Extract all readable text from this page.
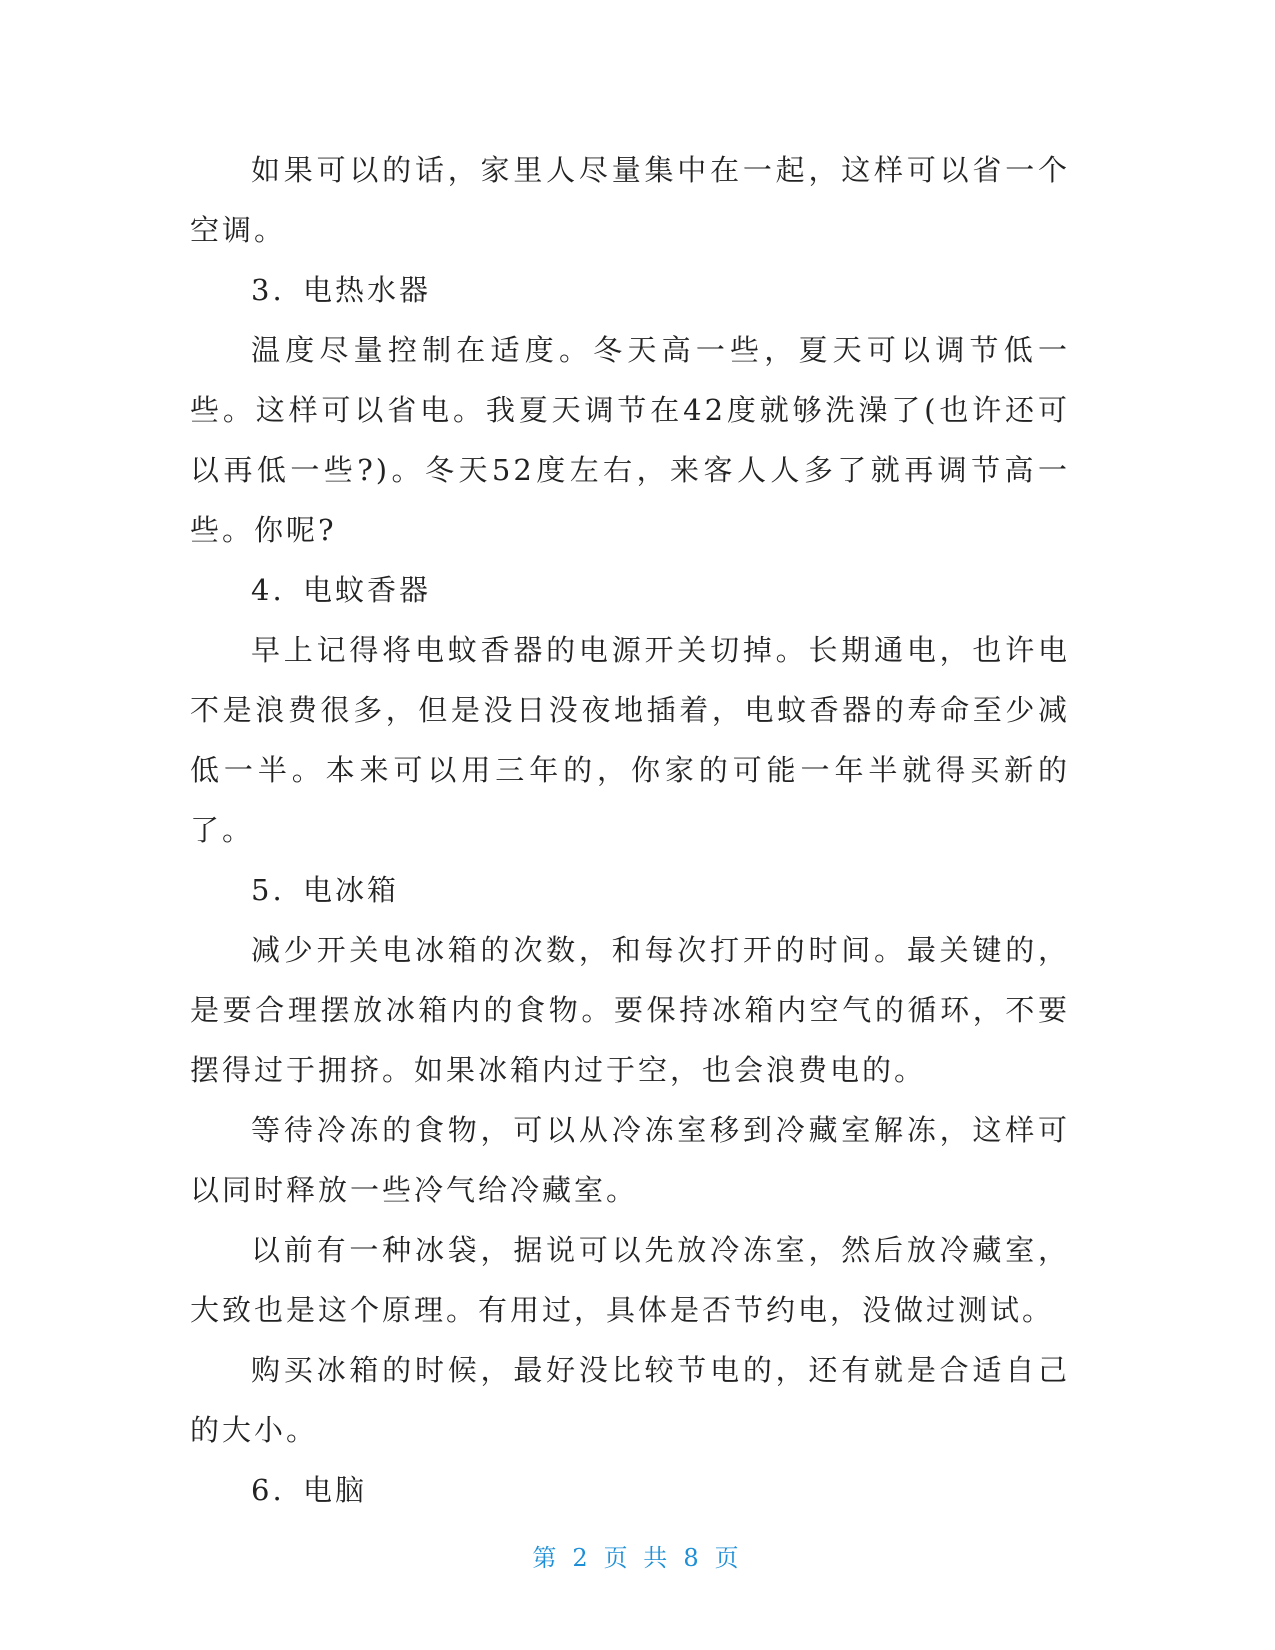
如果可以的话，家里人尽量集中在一起，这样可以省一个空调。

3. 电热水器

温度尽量控制在适度。冬天高一些，夏天可以调节低一些。这样可以省电。我夏天调节在42度就够洗澡了(也许还可以再低一些?)。冬天52度左右，来客人人多了就再调节高一些。你呢?

4. 电蚊香器

早上记得将电蚊香器的电源开关切掉。长期通电，也许电不是浪费很多，但是没日没夜地插着，电蚊香器的寿命至少减低一半。本来可以用三年的，你家的可能一年半就得买新的了。

5. 电冰箱

减少开关电冰箱的次数，和每次打开的时间。最关键的，是要合理摆放冰箱内的食物。要保持冰箱内空气的循环，不要摆得过于拥挤。如果冰箱内过于空，也会浪费电的。

等待冷冻的食物，可以从冷冻室移到冷藏室解冻，这样可以同时释放一些冷气给冷藏室。

以前有一种冰袋，据说可以先放冷冻室，然后放冷藏室，大致也是这个原理。有用过，具体是否节约电，没做过测试。

购买冰箱的时候，最好没比较节电的，还有就是合适自己的大小。

6. 电脑

第 2 页 共 8 页
